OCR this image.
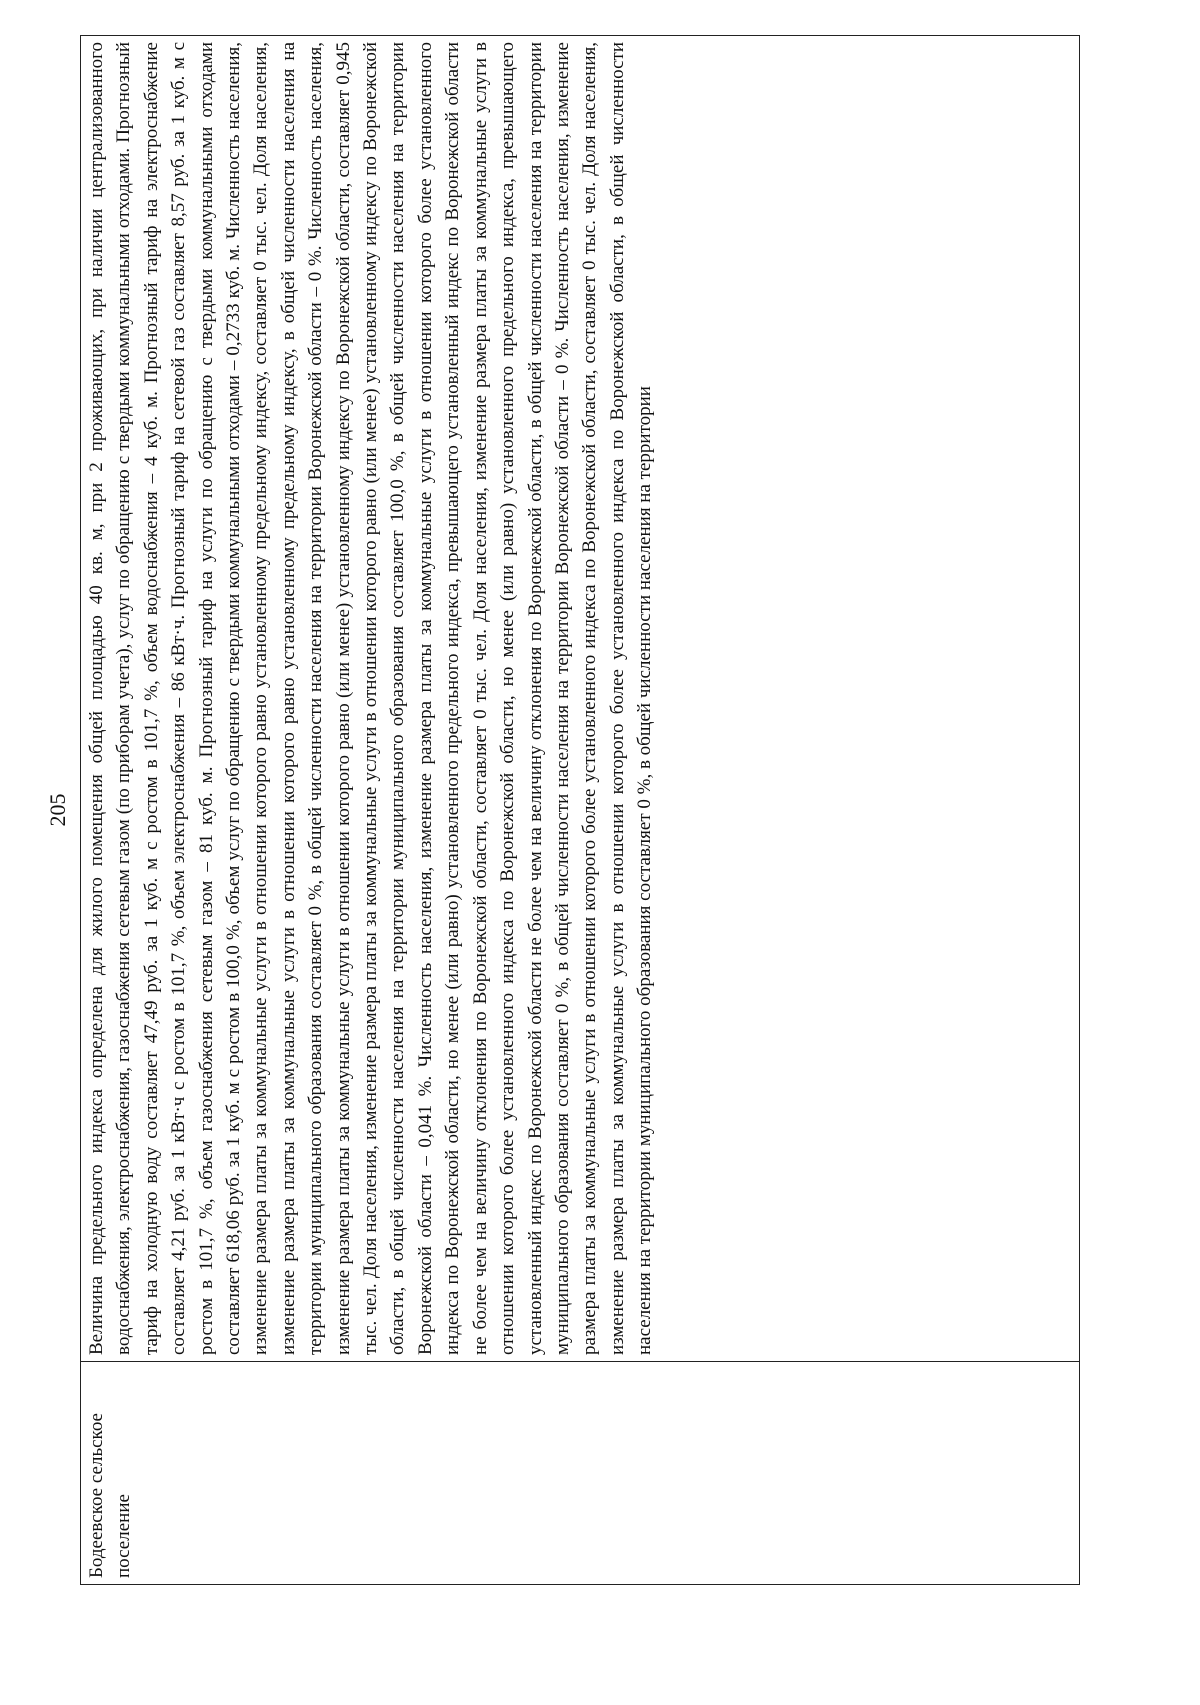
205
Бодеевское сельское поселение	Величина предельного индекса определена для жилого помещения общей площадью 40 кв. м, при 2 проживающих, при наличии централизованного водоснабжения, электроснабжения, газоснабжения сетевым газом (по приборам учета), услуг по обращению с твердыми коммунальными отходами. Прогнозный тариф на холодную воду составляет 47,49 руб. за 1 куб. м с ростом в 101,7 %, объем водоснабжения – 4 куб. м. Прогнозный тариф на электроснабжение составляет 4,21 руб. за 1 кВт·ч с ростом в 101,7 %, объем электроснабжения – 86 кВт·ч. Прогнозный тариф на сетевой газ составляет 8,57 руб. за 1 куб. м с ростом в 101,7 %, объем газоснабжения сетевым газом – 81 куб. м. Прогнозный тариф на услуги по обращению с твердыми коммунальными отходами составляет 618,06 руб. за 1 куб. м с ростом в 100,0 %, объем услуг по обращению с твердыми коммунальными отходами – 0,2733 куб. м. Численность населения, изменение размера платы за коммунальные услуги в отношении которого равно установленному предельному индексу, составляет 0 тыс. чел. Доля населения, изменение размера платы за коммунальные услуги в отношении которого равно установленному предельному индексу, в общей численности населения на территории муниципального образования составляет 0 %, в общей численности населения на территории Воронежской области – 0 %. Численность населения, изменение размера платы за коммунальные услуги в отношении которого равно (или менее) установленному индексу по Воронежской области, составляет 0,945 тыс. чел. Доля населения, изменение размера платы за коммунальные услуги в отношении которого равно (или менее) установленному индексу по Воронежской области, в общей численности населения на территории муниципального образования составляет 100,0 %, в общей численности населения на территории Воронежской области – 0,041 %. Численность населения, изменение размера платы за коммунальные услуги в отношении которого более установленного индекса по Воронежской области, но менее (или равно) установленного предельного индекса, превышающего установленный индекс по Воронежской области не более чем на величину отклонения по Воронежской области, составляет 0 тыс. чел. Доля населения, изменение размера платы за коммунальные услуги в отношении которого более установленного индекса по Воронежской области, но менее (или равно) установленного предельного индекса, превышающего установленный индекс по Воронежской области не более чем на величину отклонения по Воронежской области, в общей численности населения на территории муниципального образования составляет 0 %, в общей численности населения на территории Воронежской области – 0 %. Численность населения, изменение размера платы за коммунальные услуги в отношении которого более установленного индекса по Воронежской области, составляет 0 тыс. чел. Доля населения, изменение размера платы за коммунальные услуги в отношении которого более установленного индекса по Воронежской области, в общей численности населения на территории муниципального образования составляет 0 %, в общей численности населения на территории
